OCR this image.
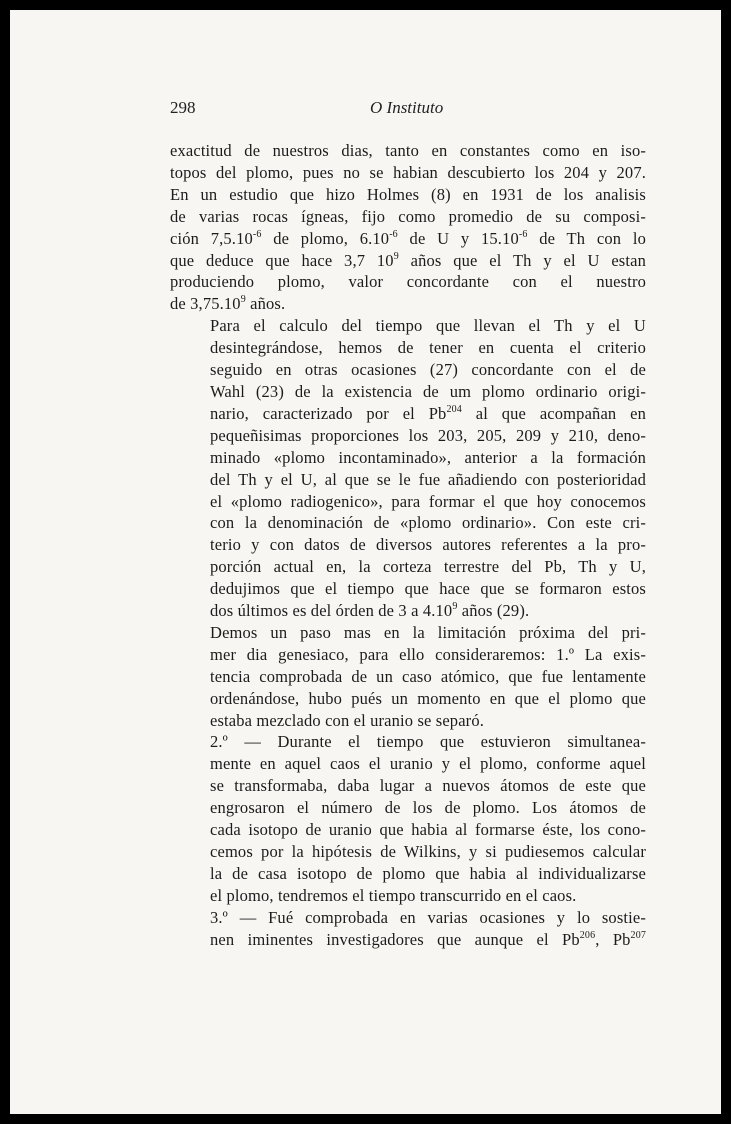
298	O Instituto
exactitud de nuestros dias, tanto en constantes como en iso-
topos del plomo, pues no se habian descubierto los 204 y 207.
En un estudio que hizo Holmes (8) en 1931 de los analisis
de varias rocas ígneas, fijo como promedio de su composi-
ción $7,5.10^{-6}$ de plomo, $6.10^{-6}$ de U y $15.10^{-6}$ de Th con lo
que deduce que hace 3,7 $10^9$ años que el Th y el U estan
produciendo plomo, valor concordante con el nuestro
de 3,75.10$^9$ años.
Para el calculo del tiempo que llevan el Th y el U
desintegrándose, hemos de tener en cuenta el criterio
seguido en otras ocasiones (27) concordante con el de
Wahl (23) de la existencia de um plomo ordinario origi-
nario, caracterizado por el Pb$^{204}$ al que acompañan en
pequeñisimas proporciones los 203, 205, 209 y 210, deno-
minado «plomo incontaminado», anterior a la formación
del Th y el U, al que se le fue añadiendo con posterioridad
el «plomo radiogenico», para formar el que hoy conocemos
con la denominación de «plomo ordinario». Con este cri-
terio y con datos de diversos autores referentes a la pro-
porción actual en, la corteza terrestre del Pb, Th y U,
dedujimos que el tiempo que hace que se formaron estos
dos últimos es del órden de 3 a 4.10$^9$ años (29).
Demos un paso mas en la limitación próxima del pri-
mer dia genesiaco, para ello consideraremos: 1.º La exis-
tencia comprobada de un caso atómico, que fue lentamente
ordenándose, hubo pués un momento en que el plomo que
estaba mezclado con el uranio se separó.
2.º — Durante el tiempo que estuvieron simultanea-
mente en aquel caos el uranio y el plomo, conforme aquel
se transformaba, daba lugar a nuevos átomos de este que
engrosaron el número de los de plomo. Los átomos de
cada isotopo de uranio que habia al formarse éste, los cono-
cemos por la hipótesis de Wilkins, y si pudiesemos calcular
la de casa isotopo de plomo que habia al individualizarse
el plomo, tendremos el tiempo transcurrido en el caos.
3.º — Fué comprobada en varias ocasiones y lo sostie-
nen iminentes investigadores que aunque el Pb$^{206}$, Pb$^{207}$
